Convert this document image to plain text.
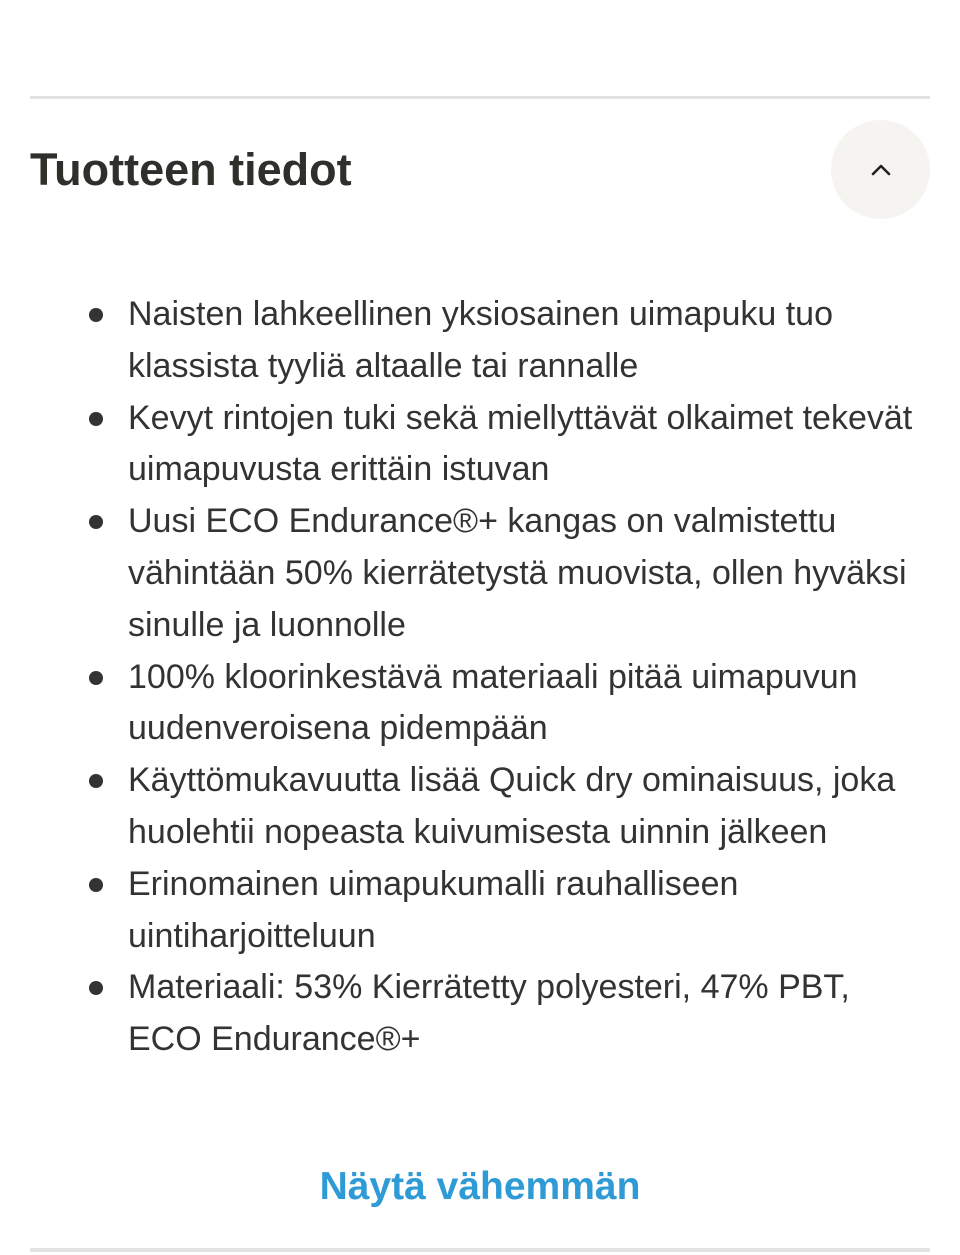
Tuotteen tiedot
Naisten lahkeellinen yksiosainen uimapuku tuo klassista tyyliä altaalle tai rannalle
Kevyt rintojen tuki sekä miellyttävät olkaimet tekevät uimapuvusta erittäin istuvan
Uusi ECO Endurance®+ kangas on valmistettu vähintään 50% kierrätetystä muovista, ollen hyväksi sinulle ja luonnolle
100% kloorinkestävä materiaali pitää uimapuvun uudenveroisena pidempään
Käyttömukavuutta lisää Quick dry ominaisuus, joka huolehtii nopeasta kuivumisesta uinnin jälkeen
Erinomainen uimapukumalli rauhalliseen uintiharjoitteluun
Materiaali: 53% Kierrätetty polyesteri, 47% PBT, ECO Endurance®+
Näytä vähemmän
